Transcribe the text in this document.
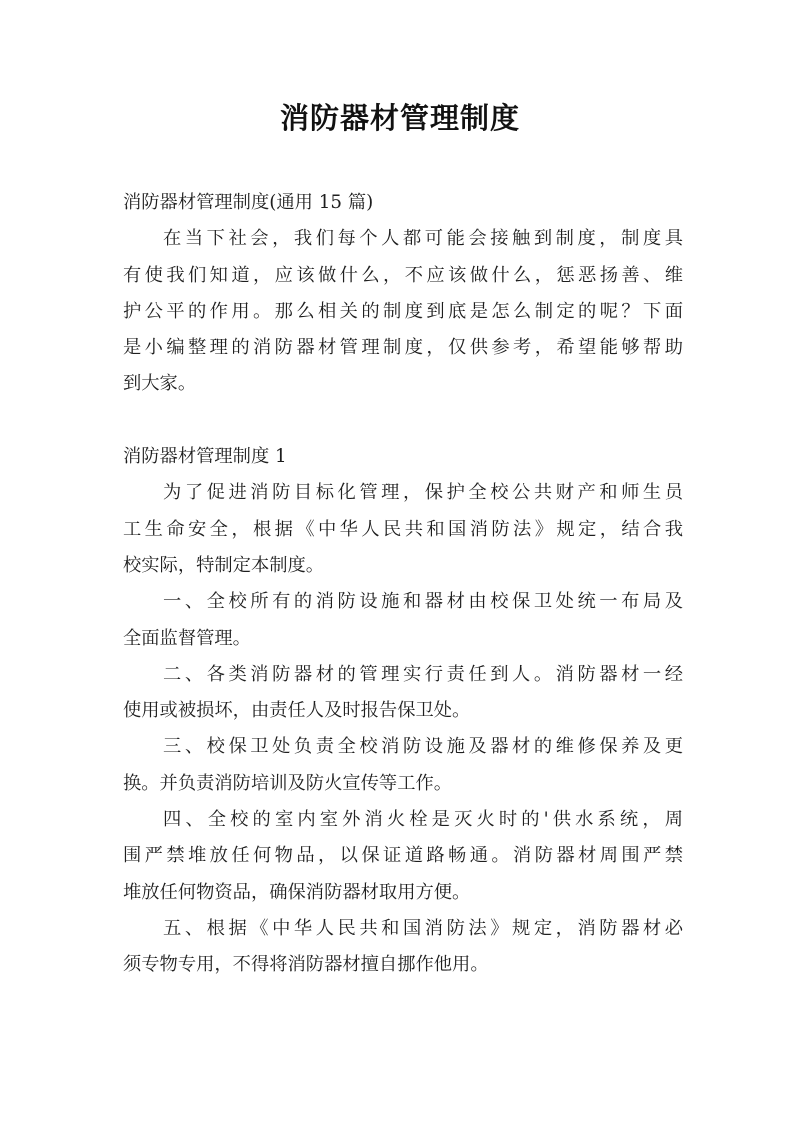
消防器材管理制度
消防器材管理制度(通用 15 篇)
在当下社会，我们每个人都可能会接触到制度，制度具
有使我们知道，应该做什么，不应该做什么，惩恶扬善、维
护公平的作用。那么相关的制度到底是怎么制定的呢？下面
是小编整理的消防器材管理制度，仅供参考，希望能够帮助
到大家。
消防器材管理制度 1
为了促进消防目标化管理，保护全校公共财产和师生员
工生命安全，根据《中华人民共和国消防法》规定，结合我
校实际，特制定本制度。
一、全校所有的消防设施和器材由校保卫处统一布局及
全面监督管理。
二、各类消防器材的管理实行责任到人。消防器材一经
使用或被损坏，由责任人及时报告保卫处。
三、校保卫处负责全校消防设施及器材的维修保养及更
换。并负责消防培训及防火宣传等工作。
四、全校的室内室外消火栓是灭火时的'供水系统，周
围严禁堆放任何物品，以保证道路畅通。消防器材周围严禁
堆放任何物资品，确保消防器材取用方便。
五、根据《中华人民共和国消防法》规定，消防器材必
须专物专用，不得将消防器材擅自挪作他用。
